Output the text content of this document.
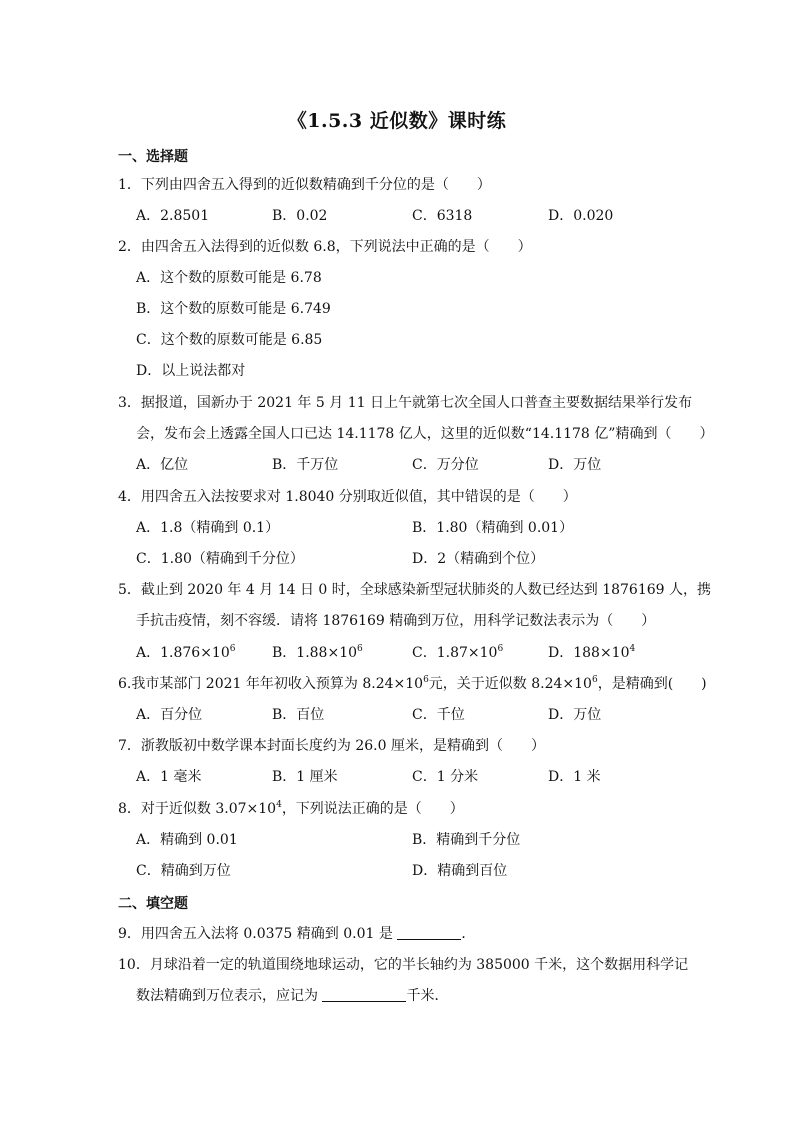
《1.5.3 近似数》课时练
一、选择题
1．下列由四舍五入得到的近似数精确到千分位的是（　　）
A．2.8501	B．0.02	C．6318	D．0.020
2．由四舍五入法得到的近似数 6.8，下列说法中正确的是（　　）
A．这个数的原数可能是 6.78
B．这个数的原数可能是 6.749
C．这个数的原数可能是 6.85
D．以上说法都对
3．据报道，国新办于 2021 年 5 月 11 日上午就第七次全国人口普查主要数据结果举行发布
会，发布会上透露全国人口已达 14.1178 亿人，这里的近似数“14.1178 亿”精确到（　　）
A．亿位	B．千万位	C．万分位	D．万位
4．用四舍五入法按要求对 1.8040 分别取近似值，其中错误的是（　　）
A．1.8（精确到 0.1）	B．1.80（精确到 0.01）
C．1.80（精确到千分位）	D．2（精确到个位）
5．截止到 2020 年 4 月 14 日 0 时，全球感染新型冠状肺炎的人数已经达到 1876169 人，携
手抗击疫情，刻不容缓．请将 1876169 精确到万位，用科学记数法表示为（　　）
A．$1.876\times 10^6$	B．$1.88\times 10^6$	C．$1.87\times 10^6$	D．$188\times 10^4$
6.我市某部门 2021 年年初收入预算为 $8.24\times 10^6$元，关于近似数 $8.24\times 10^6$，是精确到(　　)
A．百分位	B．百位	C．千位	D．万位
7．浙教版初中数学课本封面长度约为 26.0 厘米，是精确到（　　）
A．1 毫米	B．1 厘米	C．1 分米	D．1 米
8．对于近似数 $3.07\times 10^4$，下列说法正确的是（　　）
A．精确到 0.01	B．精确到千分位
C．精确到万位	D．精确到百位
二、填空题
9．用四舍五入法将 0.0375 精确到 0.01 是	．
10．月球沿着一定的轨道围绕地球运动，它的半长轴约为 385000 千米，这个数据用科学记
数法精确到万位表示，应记为	千米．
